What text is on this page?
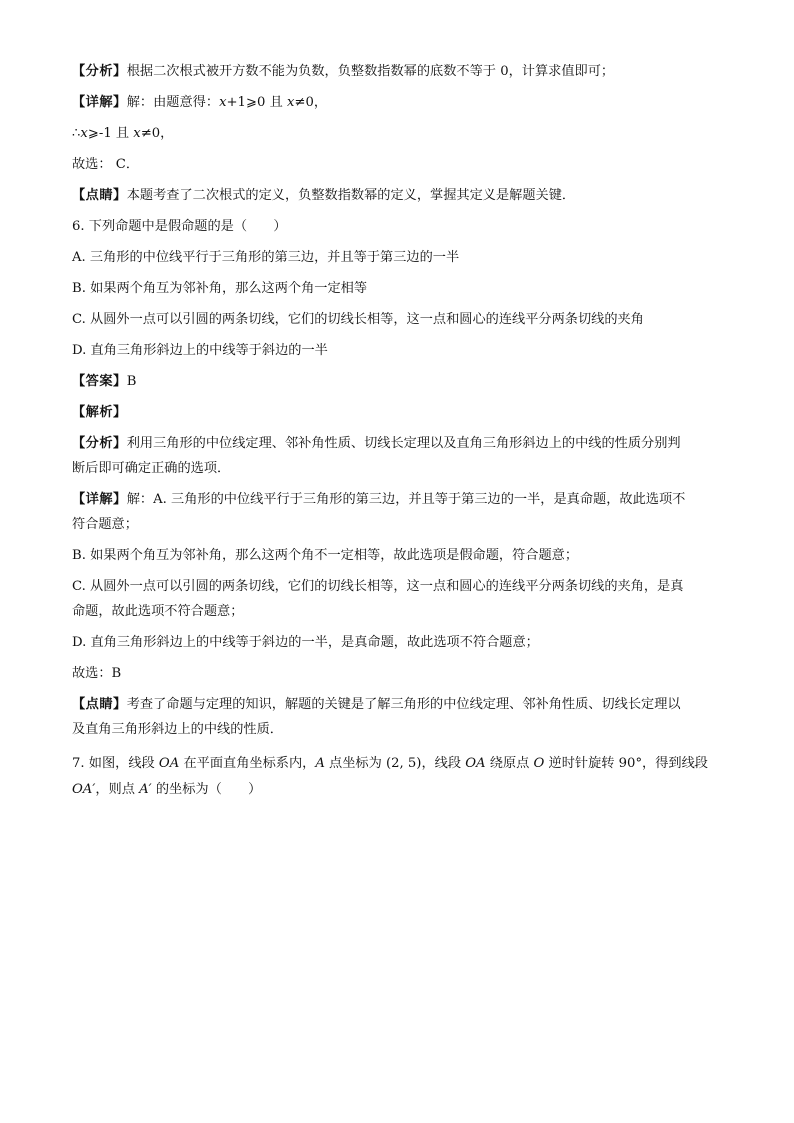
【分析】根据二次根式被开方数不能为负数，负整数指数幂的底数不等于 0，计算求值即可；
【详解】解：由题意得：x+1⩾0 且 x≠0，
∴x⩾-1 且 x≠0，
故选： C．
【点睛】本题考查了二次根式的定义，负整数指数幂的定义，掌握其定义是解题关键．
6. 下列命题中是假命题的是（　　）
A. 三角形的中位线平行于三角形的第三边，并且等于第三边的一半
B. 如果两个角互为邻补角，那么这两个角一定相等
C. 从圆外一点可以引圆的两条切线，它们的切线长相等，这一点和圆心的连线平分两条切线的夹角
D. 直角三角形斜边上的中线等于斜边的一半
【答案】B
【解析】
【分析】利用三角形的中位线定理、邻补角性质、切线长定理以及直角三角形斜边上的中线的性质分别判
断后即可确定正确的选项．
【详解】解：A. 三角形的中位线平行于三角形的第三边，并且等于第三边的一半，是真命题，故此选项不
符合题意；
B. 如果两个角互为邻补角，那么这两个角不一定相等，故此选项是假命题，符合题意；
C. 从圆外一点可以引圆的两条切线，它们的切线长相等，这一点和圆心的连线平分两条切线的夹角，是真
命题，故此选项不符合题意；
D. 直角三角形斜边上的中线等于斜边的一半，是真命题，故此选项不符合题意；
故选：B
【点睛】考查了命题与定理的知识，解题的关键是了解三角形的中位线定理、邻补角性质、切线长定理以
及直角三角形斜边上的中线的性质．
7. 如图，线段 OA 在平面直角坐标系内，A 点坐标为 (2, 5)，线段 OA 绕原点 O 逆时针旋转 90°，得到线段
OA′，则点 A′ 的坐标为（　　）
